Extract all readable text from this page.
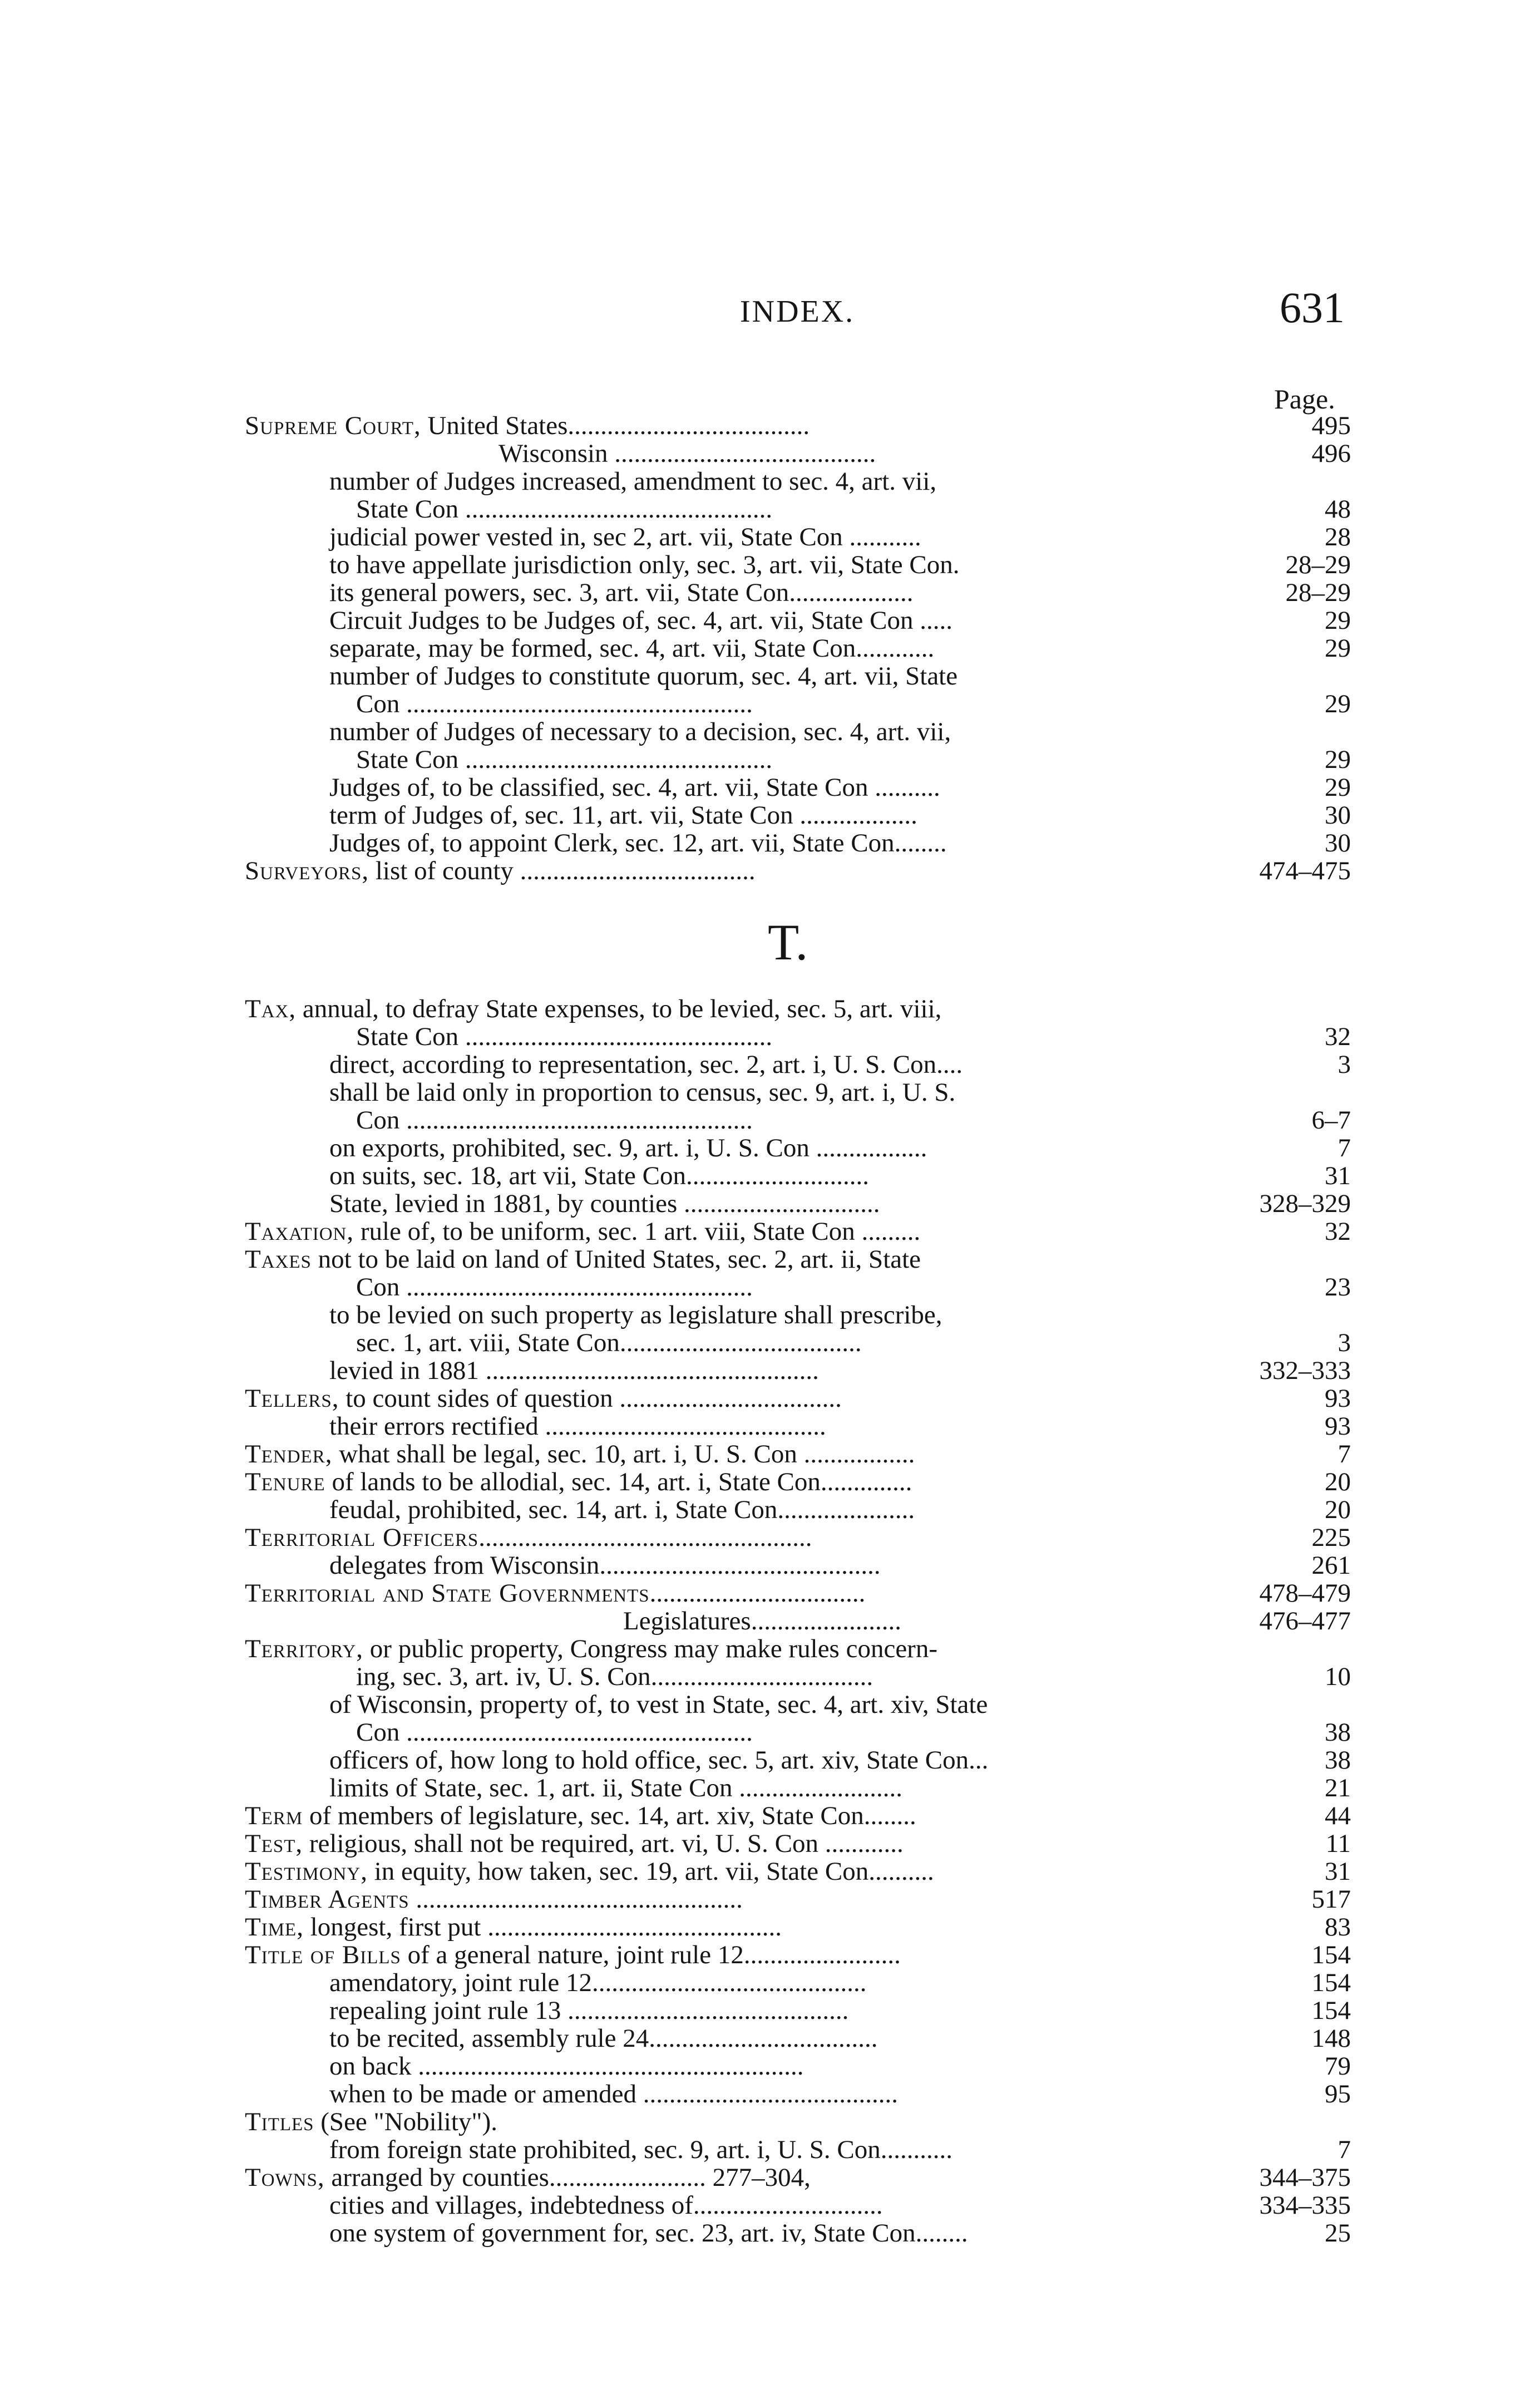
INDEX.	631
Page.
T.
Supreme Court, United States.....................................	495
Wisconsin ........................................	496
number of Judges increased, amendment to sec. 4, art. vii,
State Con ...............................................	48
judicial power vested in, sec 2, art. vii, State Con ...........	28
to have appellate jurisdiction only, sec. 3, art. vii, State Con.	28–29
its general powers, sec. 3, art. vii, State Con...................	28–29
Circuit Judges to be Judges of, sec. 4, art. vii, State Con .....	29
separate, may be formed, sec. 4, art. vii, State Con............	29
number of Judges to constitute quorum, sec. 4, art. vii, State
Con .....................................................	29
number of Judges of necessary to a decision, sec. 4, art. vii,
State Con ...............................................	29
Judges of, to be classified, sec. 4, art. vii, State Con ..........	29
term of Judges of, sec. 11, art. vii, State Con ..................	30
Judges of, to appoint Clerk, sec. 12, art. vii, State Con........	30
Surveyors, list of county ....................................	474–475
Tax, annual, to defray State expenses, to be levied, sec. 5, art. viii,
State Con ...............................................	32
direct, according to representation, sec. 2, art. i, U. S. Con....	3
shall be laid only in proportion to census, sec. 9, art. i, U. S.
Con .....................................................	6–7
on exports, prohibited, sec. 9, art. i, U. S. Con .................	7
on suits, sec. 18, art vii, State Con............................	31
State, levied in 1881, by counties ..............................	328–329
Taxation, rule of, to be uniform, sec. 1 art. viii, State Con .........	32
Taxes not to be laid on land of United States, sec. 2, art. ii, State
Con .....................................................	23
to be levied on such property as legislature shall prescribe,
sec. 1, art. viii, State Con.....................................	3
levied in 1881 ...................................................	332–333
Tellers, to count sides of question ..................................	93
their errors rectified ...........................................	93
Tender, what shall be legal, sec. 10, art. i, U. S. Con .................	7
Tenure of lands to be allodial, sec. 14, art. i, State Con..............	20
feudal, prohibited, sec. 14, art. i, State Con.....................	20
Territorial Officers...................................................	225
delegates from Wisconsin...........................................	261
Territorial and State Governments.................................	478–479
Legislatures.......................	476–477
Territory, or public property, Congress may make rules concern-
ing, sec. 3, art. iv, U. S. Con..................................	10
of Wisconsin, property of, to vest in State, sec. 4, art. xiv, State
Con .....................................................	38
officers of, how long to hold office, sec. 5, art. xiv, State Con...	38
limits of State, sec. 1, art. ii, State Con .........................	21
Term of members of legislature, sec. 14, art. xiv, State Con........	44
Test, religious, shall not be required, art. vi, U. S. Con ............	11
Testimony, in equity, how taken, sec. 19, art. vii, State Con..........	31
Timber Agents ..................................................	517
Time, longest, first put .............................................	83
Title of Bills of a general nature, joint rule 12........................	154
amendatory, joint rule 12..........................................	154
repealing joint rule 13 ...........................................	154
to be recited, assembly rule 24...................................	148
on back ...........................................................	79
when to be made or amended .......................................	95
Titles (See "Nobility").
from foreign state prohibited, sec. 9, art. i, U. S. Con...........	7
Towns, arranged by counties........................ 277–304,	344–375
cities and villages, indebtedness of.............................	334–335
one system of government for, sec. 23, art. iv, State Con........	25
